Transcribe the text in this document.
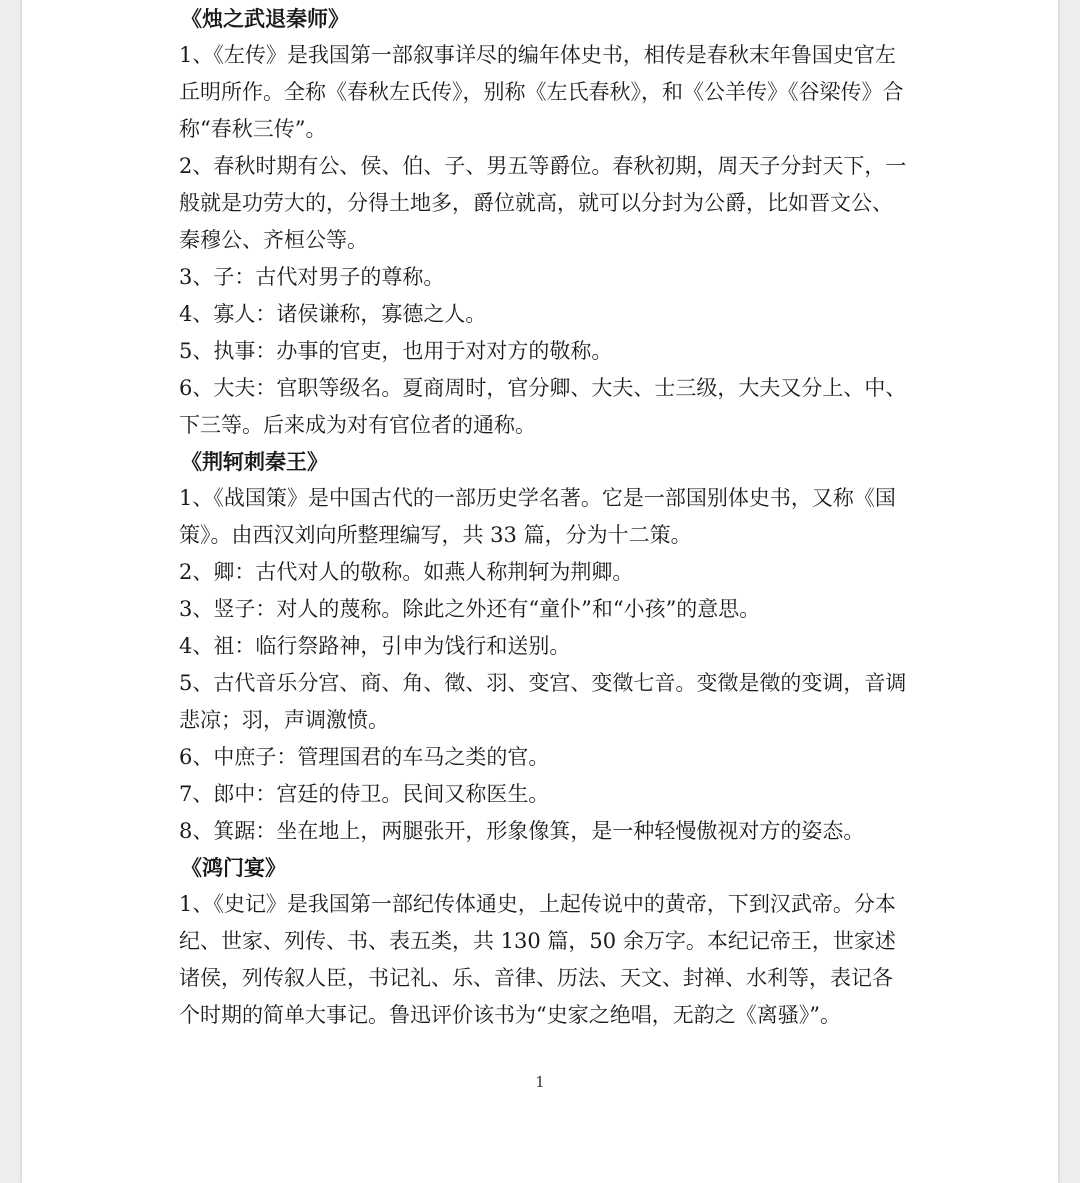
《烛之武退秦师》

1、《左传》是我国第一部叙事详尽的编年体史书，相传是春秋末年鲁国史官左丘明所作。全称《春秋左氏传》，别称《左氏春秋》，和《公羊传》《谷梁传》合称“春秋三传”。

2、春秋时期有公、侯、伯、子、男五等爵位。春秋初期，周天子分封天下，一般就是功劳大的，分得土地多，爵位就高，就可以分封为公爵，比如晋文公、秦穆公、齐桓公等。

3、子：古代对男子的尊称。

4、寡人：诸侯谦称，寡德之人。

5、执事：办事的官吏，也用于对对方的敬称。

6、大夫：官职等级名。夏商周时，官分卿、大夫、士三级，大夫又分上、中、下三等。后来成为对有官位者的通称。

《荆轲刺秦王》

1、《战国策》是中国古代的一部历史学名著。它是一部国别体史书，又称《国策》。由西汉刘向所整理编写，共 33 篇，分为十二策。

2、卿：古代对人的敬称。如燕人称荆轲为荆卿。

3、竖子：对人的蔑称。除此之外还有“童仆”和“小孩”的意思。

4、祖：临行祭路神，引申为饯行和送别。

5、古代音乐分宫、商、角、徵、羽、变宫、变徵七音。变徵是徵的变调，音调悲凉；羽，声调激愤。

6、中庶子：管理国君的车马之类的官。

7、郎中：宫廷的侍卫。民间又称医生。

8、箕踞：坐在地上，两腿张开，形象像箕，是一种轻慢傲视对方的姿态。

《鸿门宴》

1、《史记》是我国第一部纪传体通史，上起传说中的黄帝，下到汉武帝。分本纪、世家、列传、书、表五类，共 130 篇，50 余万字。本纪记帝王，世家述诸侯，列传叙人臣，书记礼、乐、音律、历法、天文、封禅、水利等，表记各个时期的简单大事记。鲁迅评价该书为“史家之绝唱，无韵之《离骚》”。

1
